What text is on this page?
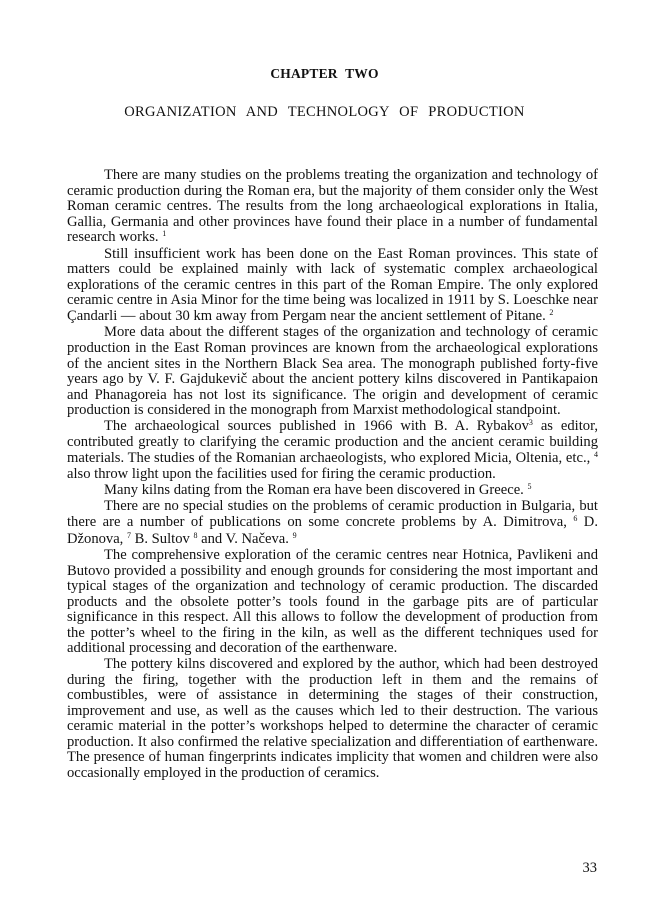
CHAPTER TWO
ORGANIZATION AND TECHNOLOGY OF PRODUCTION

There are many studies on the problems treating the organization and technology of ceramic production during the Roman era, but the majority of them consider only the West Roman ceramic centres. The results from the long archaeological explorations in Italia, Gallia, Germania and other provinces have found their place in a number of fundamental research works. $^1$

Still insufficient work has been done on the East Roman provinces. This state of matters could be explained mainly with lack of systematic complex archaeological explorations of the ceramic centres in this part of the Roman Empire. The only explored ceramic centre in Asia Minor for the time being was localized in 1911 by S. Loeschke near Çandarli — about 30 km away from Pergam near the ancient settlement of Pitane. $^2$

More data about the different stages of the organization and technology of ceramic production in the East Roman provinces are known from the archaeological explorations of the ancient sites in the Northern Black Sea area. The monograph published forty-five years ago by V. F. Gajdukevič about the ancient pottery kilns discovered in Pantikapaion and Phanagoreia has not lost its significance. The origin and development of ceramic production is considered in the monograph from Marxist methodological standpoint.

The archaeological sources published in 1966 with B. A. Rybakov$^3$ as editor, contributed greatly to clarifying the ceramic production and the ancient ceramic building materials. The studies of the Romanian archaeologists, who explored Micia, Oltenia, etc., $^4$ also throw light upon the facilities used for firing the ceramic production.

Many kilns dating from the Roman era have been discovered in Greece. $^5$

There are no special studies on the problems of ceramic production in Bulgaria, but there are a number of publications on some concrete problems by A. Dimitrova, $^6$ D. Džonova, $^7$ B. Sultov $^8$ and V. Načeva. $^9$

The comprehensive exploration of the ceramic centres near Hotnica, Pavlikeni and Butovo provided a possibility and enough grounds for considering the most important and typical stages of the organization and technology of ceramic production. The discarded products and the obsolete potter’s tools found in the garbage pits are of particular significance in this respect. All this allows to follow the development of production from the potter’s wheel to the firing in the kiln, as well as the different techniques used for additional processing and decoration of the earthenware.

The pottery kilns discovered and explored by the author, which had been destroyed during the firing, together with the production left in them and the remains of combustibles, were of assistance in determining the stages of their construction, improvement and use, as well as the causes which led to their destruction. The various ceramic material in the potter’s workshops helped to determine the character of ceramic production. It also confirmed the relative specialization and differentiation of earthenware. The presence of human fingerprints indicates implicity that women and children were also occasionally employed in the production of ceramics.

33
